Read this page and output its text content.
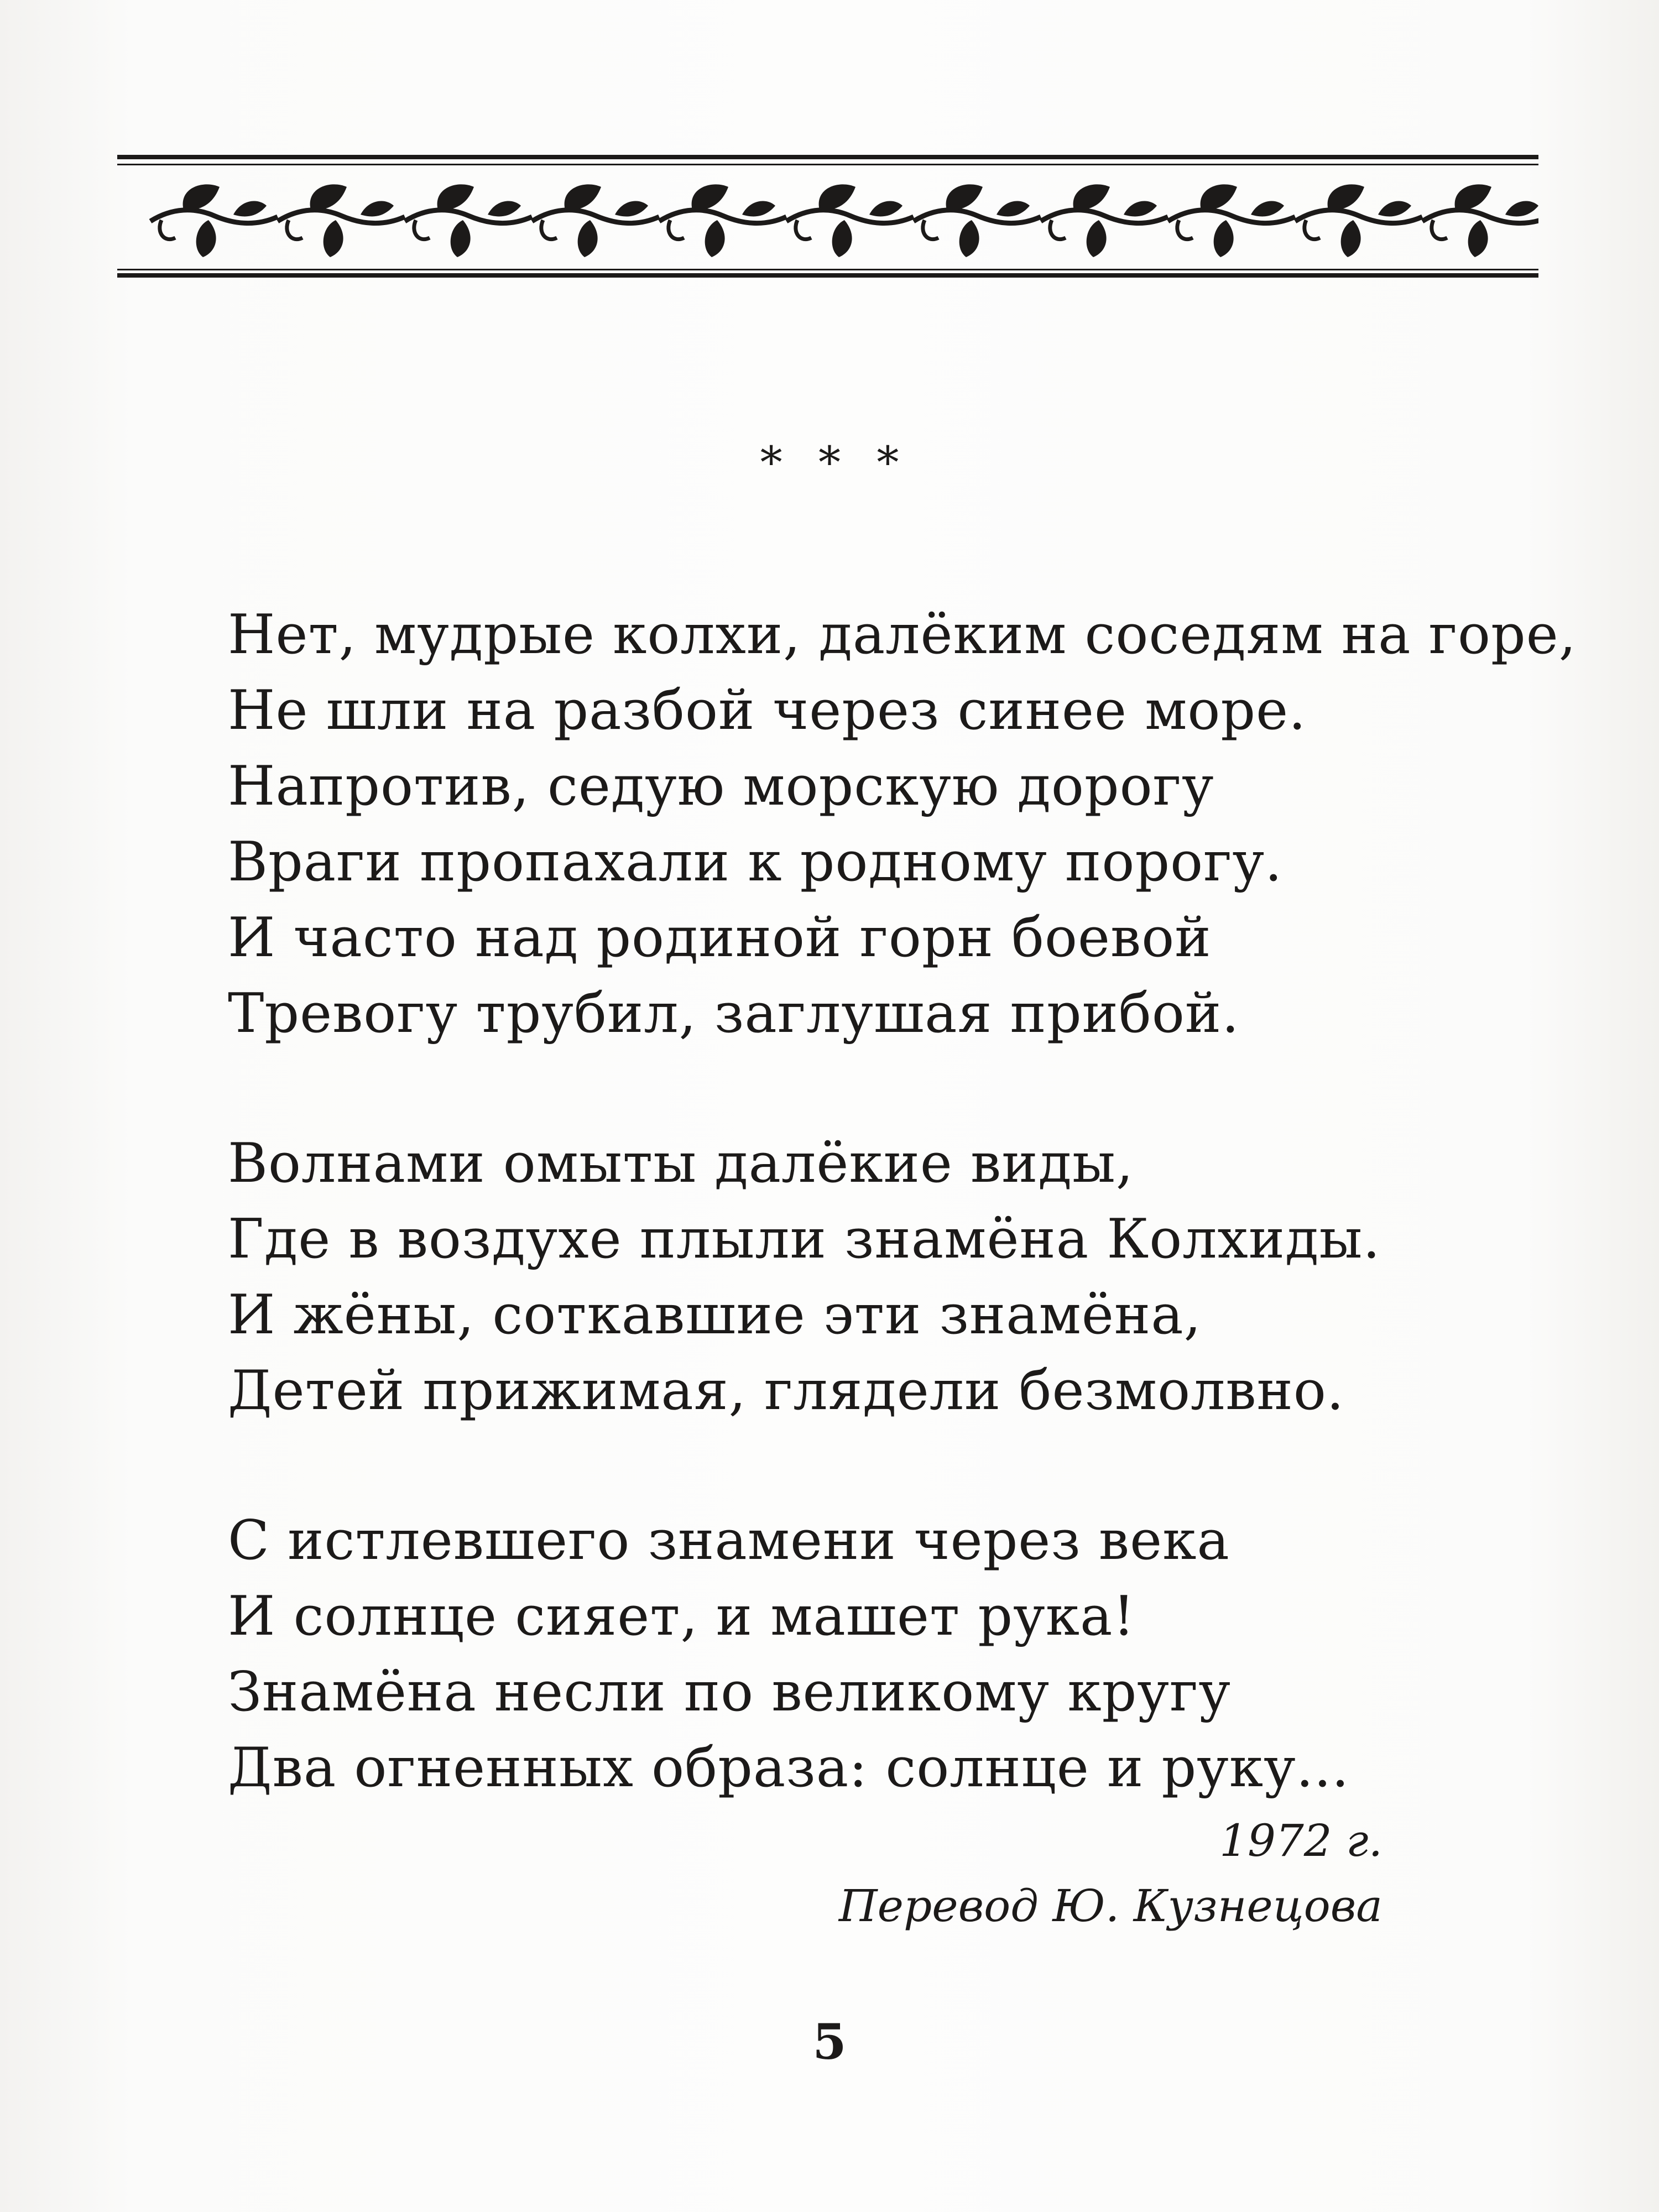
* * *
Нет, мудрые колхи, далёким соседям на горе,
Не шли на разбой через синее море.
Напротив, седую морскую дорогу
Враги пропахали к родному порогу.
И часто над родиной горн боевой
Тревогу трубил, заглушая прибой.
Волнами омыты далёкие виды,
Где в воздухе плыли знамёна Колхиды.
И жёны, соткавшие эти знамёна,
Детей прижимая, глядели безмолвно.
С истлевшего знамени через века
И солнце сияет, и машет рука!
Знамёна несли по великому кругу
Два огненных образа: солнце и руку...
1972 г.
Перевод Ю. Кузнецова
5
